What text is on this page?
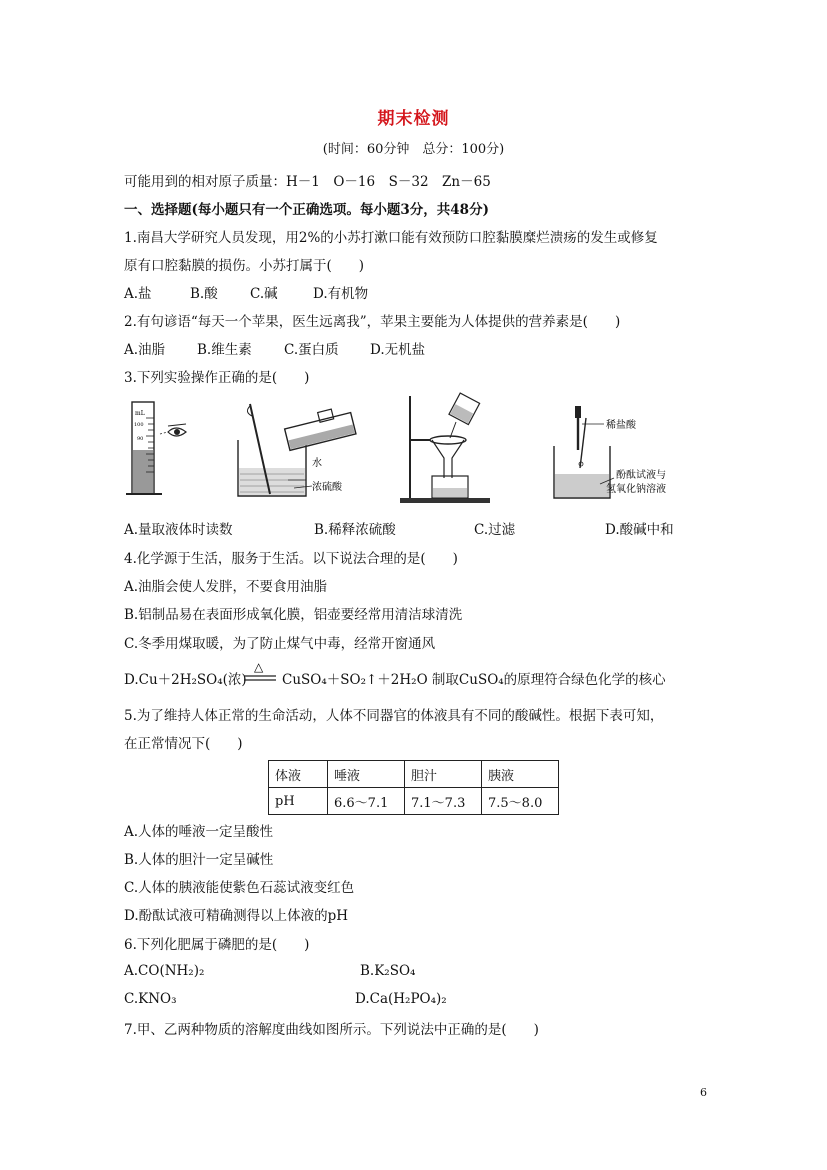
期末检测
(时间：60分钟　总分：100分)
可能用到的相对原子质量：H－1　O－16　S－32　Zn－65
一、选择题(每小题只有一个正确选项。每小题3分，共48分)
1.南昌大学研究人员发现，用2%的小苏打漱口能有效预防口腔黏膜糜烂溃疡的发生或修复
原有口腔黏膜的损伤。小苏打属于(　　)
A.盐	B.酸 C.碱	D.有机物
2.有句谚语“每天一个苹果，医生远离我”，苹果主要能为人体提供的营养素是(　　)
A.油脂 B.维生素 C.蛋白质 D.无机盐
3.下列实验操作正确的是(　　)
mL
100
90
水
浓硫酸
稀盐酸
酚酞试液与
氢氧化钠溶液
A.量取液体时读数	B.稀释浓硫酸	C.过滤	D.酸碱中和
4.化学源于生活，服务于生活。以下说法合理的是(　　)
A.油脂会使人发胖，不要食用油脂
B.铝制品易在表面形成氧化膜，铝壶要经常用清洁球清洗
C.冬季用煤取暖，为了防止煤气中毒，经常开窗通风
D.Cu＋2H₂SO₄(浓)
△
CuSO₄＋SO₂↑＋2H₂O 制取CuSO₄的原理符合绿色化学的核心
5.为了维持人体正常的生命活动，人体不同器官的体液具有不同的酸碱性。根据下表可知，
在正常情况下(　　)
体液	唾液	胆汁	胰液
pH	6.6～7.1	7.1～7.3	7.5～8.0
A.人体的唾液一定呈酸性
B.人体的胆汁一定呈碱性
C.人体的胰液能使紫色石蕊试液变红色
D.酚酞试液可精确测得以上体液的pH
6.下列化肥属于磷肥的是(　　)
A.CO(NH₂)₂	B.K₂SO₄
C.KNO₃	D.Ca(H₂PO₄)₂
7.甲、乙两种物质的溶解度曲线如图所示。下列说法中正确的是(　　)
6
